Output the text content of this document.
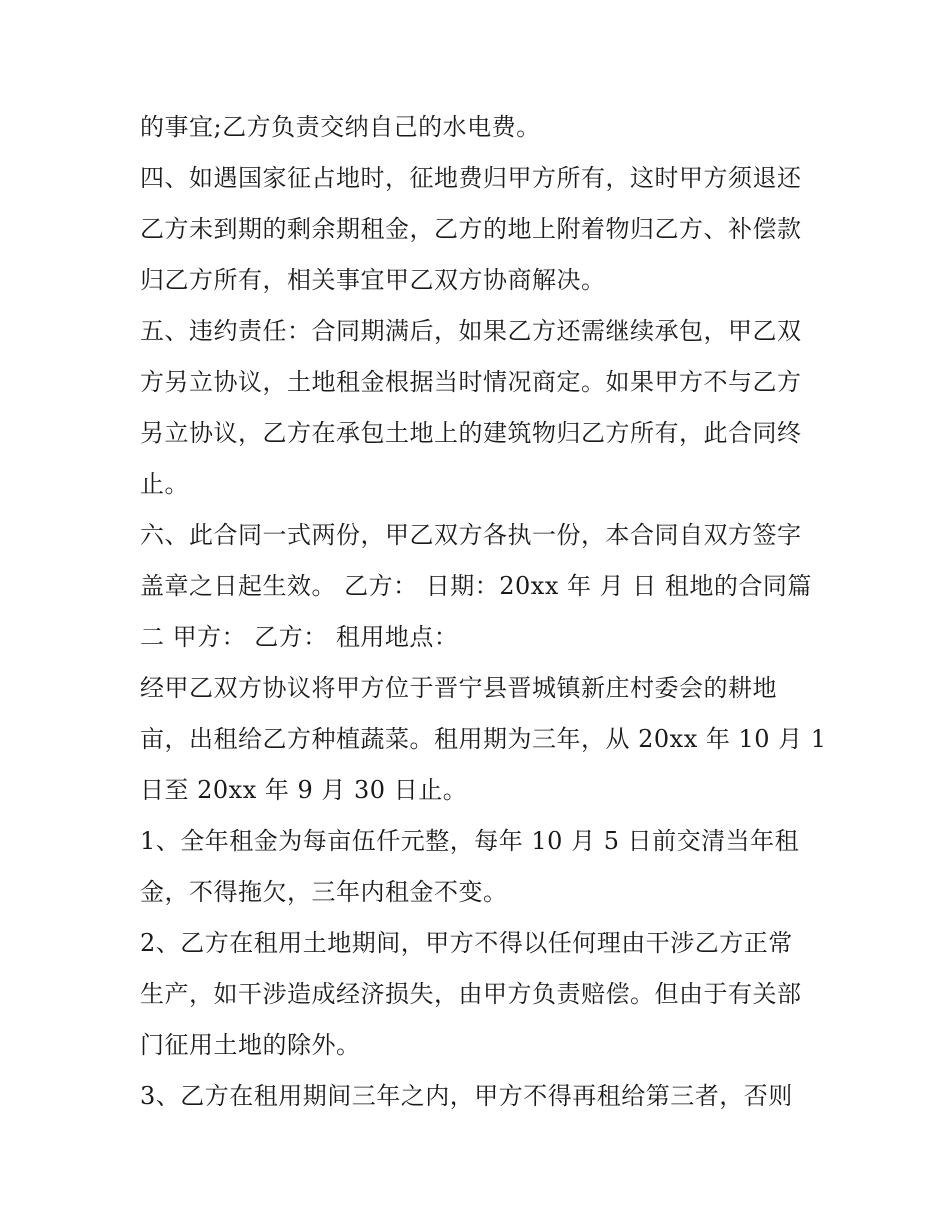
的事宜;乙方负责交纳自己的水电费。
四、如遇国家征占地时，征地费归甲方所有，这时甲方须退还
乙方未到期的剩余期租金，乙方的地上附着物归乙方、补偿款
归乙方所有，相关事宜甲乙双方协商解决。
五、违约责任：合同期满后，如果乙方还需继续承包，甲乙双
方另立协议，土地租金根据当时情况商定。如果甲方不与乙方
另立协议，乙方在承包土地上的建筑物归乙方所有，此合同终
止。
六、此合同一式两份，甲乙双方各执一份，本合同自双方签字
盖章之日起生效。 乙方： 日期：20xx 年 月 日 租地的合同篇
二 甲方： 乙方： 租用地点：
经甲乙双方协议将甲方位于晋宁县晋城镇新庄村委会的耕地
亩，出租给乙方种植蔬菜。租用期为三年，从 20xx 年 10 月 1
日至 20xx 年 9 月 30 日止。
1、全年租金为每亩伍仟元整，每年 10 月 5 日前交清当年租
金，不得拖欠，三年内租金不变。
2、乙方在租用土地期间，甲方不得以任何理由干涉乙方正常
生产，如干涉造成经济损失，由甲方负责赔偿。但由于有关部
门征用土地的除外。
3、乙方在租用期间三年之内，甲方不得再租给第三者，否则
